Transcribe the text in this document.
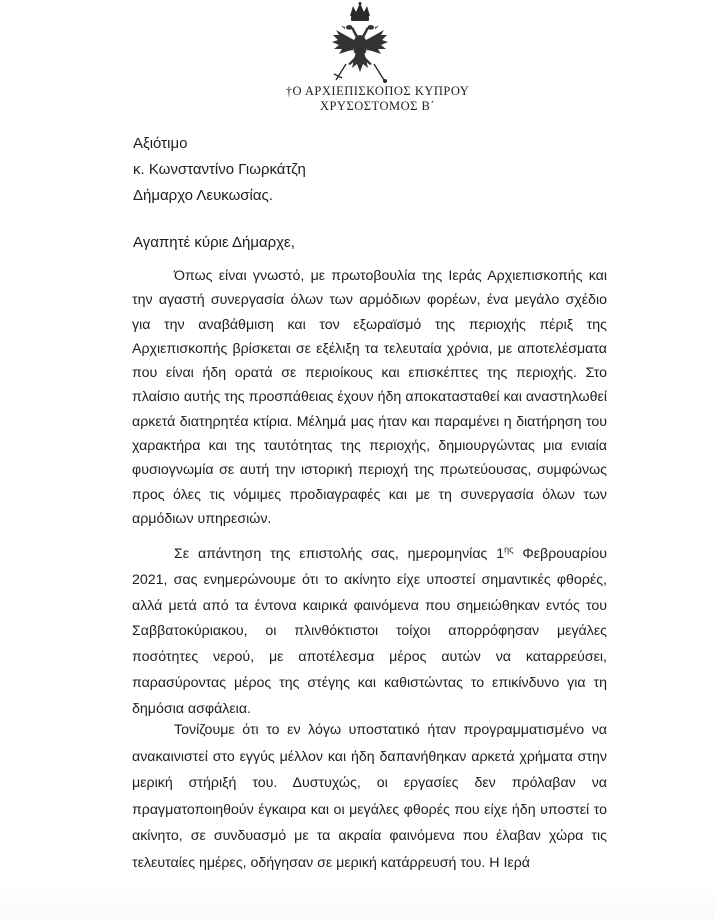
†Ο ΑΡΧΙΕΠΙΣΚΟΠΟΣ ΚΥΠΡΟΥ
ΧΡΥΣΟΣΤΟΜΟΣ Β΄
Αξιότιμο
κ. Κωνσταντίνο Γιωρκάτζη
Δήμαρχο Λευκωσίας.
Αγαπητέ κύριε Δήμαρχε,
Όπως είναι γνωστό, με πρωτοβουλία της Ιεράς Αρχιεπισκοπής και την αγαστή συνεργασία όλων των αρμόδιων φορέων, ένα μεγάλο σχέδιο για την αναβάθμιση και τον εξωραϊσμό της περιοχής πέριξ της Αρχιεπισκοπής βρίσκεται σε εξέλιξη τα τελευταία χρόνια, με αποτελέσματα που είναι ήδη ορατά σε περιοίκους και επισκέπτες της περιοχής. Στο πλαίσιο αυτής της προσπάθειας έχουν ήδη αποκατασταθεί και αναστηλωθεί αρκετά διατηρητέα κτίρια. Μέλημά μας ήταν και παραμένει η διατήρηση του χαρακτήρα και της ταυτότητας της περιοχής, δημιουργώντας μια ενιαία φυσιογνωμία σε αυτή την ιστορική περιοχή της πρωτεύουσας, συμφώνως προς όλες τις νόμιμες προδιαγραφές και με τη συνεργασία όλων των αρμόδιων υπηρεσιών.
Σε απάντηση της επιστολής σας, ημερομηνίας $1^{\eta\varsigma}$ Φεβρουαρίου 2021, σας ενημερώνουμε ότι το ακίνητο είχε υποστεί σημαντικές φθορές, αλλά μετά από τα έντονα καιρικά φαινόμενα που σημειώθηκαν εντός του Σαββατοκύριακου, οι πλινθόκτιστοι τοίχοι απορρόφησαν μεγάλες ποσότητες νερού, με αποτέλεσμα μέρος αυτών να καταρρεύσει, παρασύροντας μέρος της στέγης και καθιστώντας το επικίνδυνο για τη δημόσια ασφάλεια.
Τονίζουμε ότι το εν λόγω υποστατικό ήταν προγραμματισμένο να ανακαινιστεί στο εγγύς μέλλον και ήδη δαπανήθηκαν αρκετά χρήματα στην μερική στήριξή του. Δυστυχώς, οι εργασίες δεν πρόλαβαν να πραγματοποιηθούν έγκαιρα και οι μεγάλες φθορές που είχε ήδη υποστεί το ακίνητο, σε συνδυασμό με τα ακραία φαινόμενα που έλαβαν χώρα τις τελευταίες ημέρες, οδήγησαν σε μερική κατάρρευσή του. Η Ιερά
